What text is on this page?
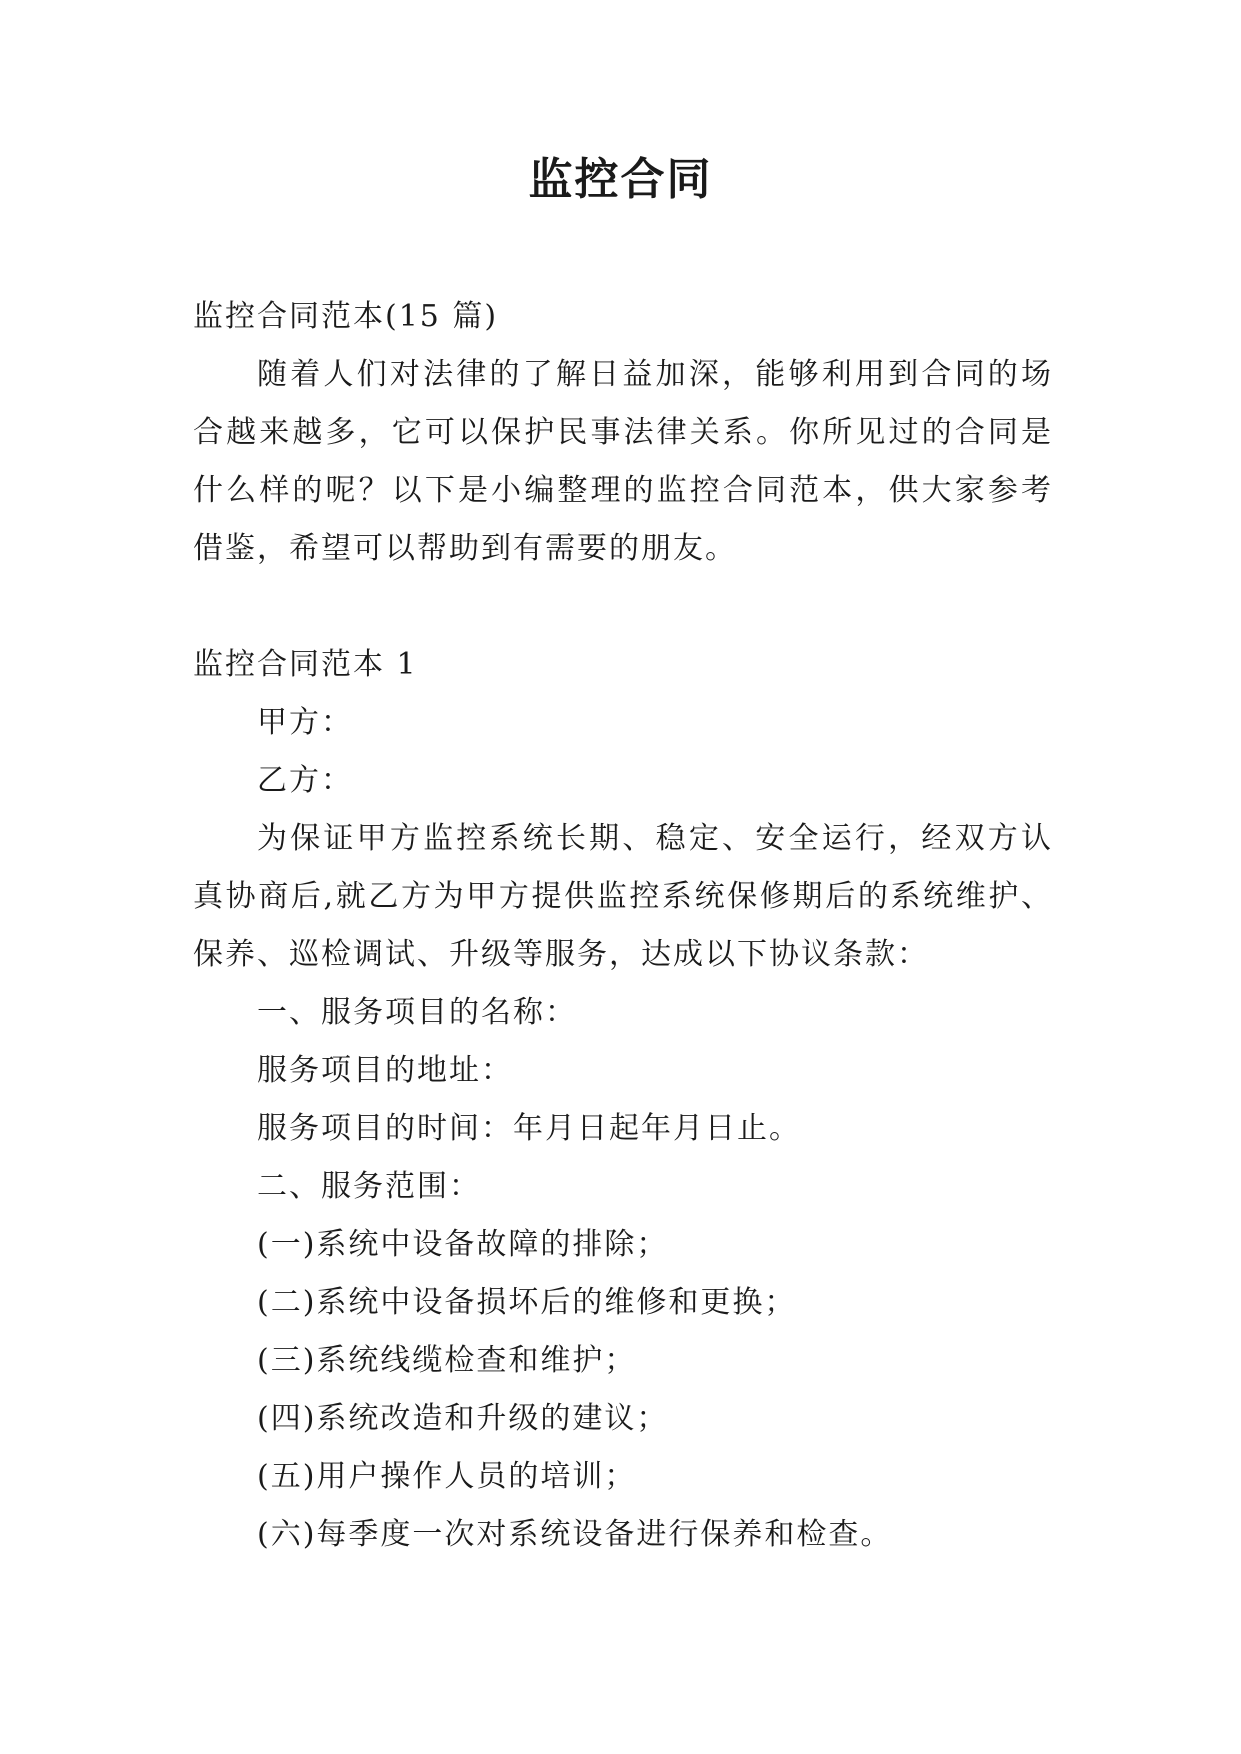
监控合同
监控合同范本(15 篇)
随着人们对法律的了解日益加深，能够利用到合同的场
合越来越多，它可以保护民事法律关系。你所见过的合同是
什么样的呢？以下是小编整理的监控合同范本，供大家参考
借鉴，希望可以帮助到有需要的朋友。
监控合同范本 1
甲方：
乙方：
为保证甲方监控系统长期、稳定、安全运行，经双方认
真协商后,就乙方为甲方提供监控系统保修期后的系统维护、
保养、巡检调试、升级等服务，达成以下协议条款：
一、服务项目的名称：
服务项目的地址：
服务项目的时间：年月日起年月日止。
二、服务范围：
(一)系统中设备故障的排除；
(二)系统中设备损坏后的维修和更换；
(三)系统线缆检查和维护；
(四)系统改造和升级的建议；
(五)用户操作人员的培训；
(六)每季度一次对系统设备进行保养和检查。
